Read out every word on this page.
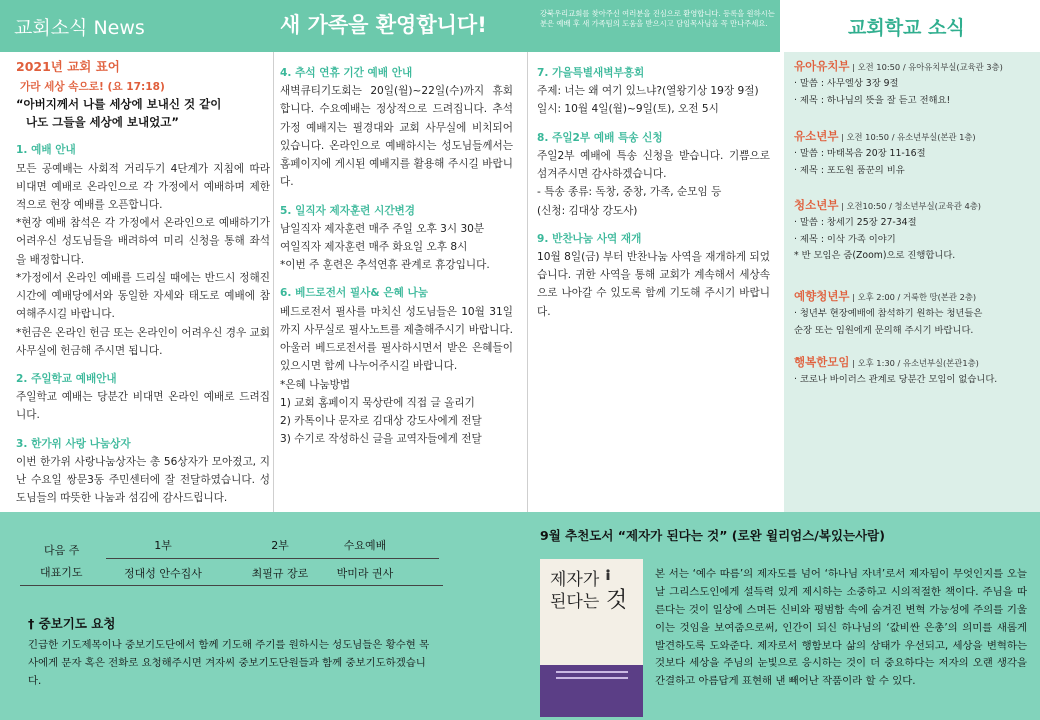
교회소식 News	새 가족을 환영합니다!	강북우리교회를 찾아주신 여러분을 진심으로 환영합니다. 등록을 원하시는 분은 예배 후 새 가족팀의 도움을 받으시고 담임목사님을 꼭 만나주세요.	교회학교 소식
2021년 교회 표어
가라 세상 속으로! (요 17:18)
“아버지께서 나를 세상에 보내신 것 같이
나도 그들을 세상에 보내었고”
1. 예배 안내
모든 공예배는 사회적 거리두기 4단계가 지침에 따라 비대면 예배로 온라인으로 각 가정에서 예배하며 제한적으로 현장 예배를 오픈합니다.
*현장 예배 참석은 각 가정에서 온라인으로 예배하기가 어려우신 성도님들을 배려하여 미리 신청을 통해 좌석을 배정합니다.
*가정에서 온라인 예배를 드리실 때에는 반드시 정해진 시간에 예배당에서와 동일한 자세와 태도로 예배에 참여해주시길 바랍니다.
*헌금은 온라인 헌금 또는 온라인이 어려우신 경우 교회 사무실에 헌금해 주시면 됩니다.
2. 주일학교 예배안내
주일학교 예배는 당분간 비대면 온라인 예배로 드려집니다.
3. 한가위 사랑 나눔상자
이번 한가위 사랑나눔상자는 총 56상자가 모아졌고, 지난 수요일 쌍문3동 주민센터에 잘 전달하였습니다. 성도님들의 따뜻한 나눔과 섬김에 감사드립니다.
4. 추석 연휴 기간 예배 안내
새벽큐티기도회는 20일(월)~22일(수)까지 휴회합니다. 수요예배는 정상적으로 드려집니다. 추석 가정 예배지는 필경대와 교회 사무실에 비치되어 있습니다. 온라인으로 예배하시는 성도님들께서는 홈페이지에 게시된 예배지를 활용해 주시길 바랍니다.
5. 일직자 제자훈련 시간변경
남일직자 제자훈련 매주 주일 오후 3시 30분
여일직자 제자훈련 매주 화요일 오후 8시
*이번 주 훈련은 추석연휴 관계로 휴강입니다.
6. 베드로전서 필사& 은혜 나눔
베드로전서 필사를 마치신 성도님들은 10월 31일까지 사무실로 필사노트를 제출해주시기 바랍니다. 아울러 베드로전서를 필사하시면서 받은 은혜들이 있으시면 함께 나누어주시길 바랍니다.
*은혜 나눔방법
1) 교회 홈페이지 묵상란에 직접 글 올리기
2) 카톡이나 문자로 김대상 강도사에게 전달
3) 수기로 작성하신 글을 교역자들에게 전달
7. 가을특별새벽부흥회
주제: 너는 왜 여기 있느냐?(열왕기상 19장 9절)
일시: 10월 4일(월)~9일(토), 오전 5시
8. 주일2부 예배 특송 신청
주일2부 예배에 특송 신청을 받습니다. 기쁨으로 섬겨주시면 감사하겠습니다.
- 특송 종류: 독창, 중창, 가족, 순모임 등
(신청: 김대상 강도사)
9. 반찬나눔 사역 재개
10월 8일(금) 부터 반찬나눔 사역을 재개하게 되었습니다. 귀한 사역을 통해 교회가 계속해서 세상속으로 나아갈 수 있도록 함께 기도해 주시기 바랍니다.
유아유치부 | 오전 10:50 / 유아유치부실(교육관 3층)
· 말씀 : 사무엘상 3장 9절
· 제목 : 하나님의 뜻을 잘 듣고 전해요!
유소년부 | 오전 10:50 / 유소년부실(본관 1층)
· 말씀 : 마태복음 20장 11-16절
· 제목 : 포도원 품꾼의 비유
청소년부 | 오전10:50 / 청소년부실(교육관 4층)
· 말씀 : 창세기 25장 27-34절
· 제목 : 이삭 가족 이야기
* 반 모임은 줌(Zoom)으로 진행합니다.
예향청년부 | 오후 2:00 / 거룩한 땅(본관 2층)
· 청년부 현장예배에 참석하기 원하는 청년들은
순장 또는 임원에게 문의해 주시기 바랍니다.
행복한모임 | 오후 1:30 / 유소년부실(본관1층)
· 코로나 바이러스 관계로 당분간 모임이 없습니다.
다음 주
대표기도
1부	2부	수요예배
정대성 안수집사	최필규 장로	박미라 권사
† 중보기도 요청
긴급한 기도제목이나 중보기도단에서 함께 기도해 주기를 원하시는 성도님들은 황수현 목사에게 문자 혹은 전화로 요청해주시면 겨자씨 중보기도단원들과 함께 중보기도하겠습니다.
9월 추천도서 “제자가 된다는 것” (로완 윌리엄스/복있는사람)
제자가
된다는 것
본 서는 ‘예수 따름’의 제자도를 넘어 ‘하나님 자녀’로서 제자됨이 무엇인지를 오늘날 그리스도인에게 설득력 있게 제시하는 소중하고 시의적절한 책이다. 주님을 따른다는 것이 일상에 스며든 신비와 평범함 속에 숨겨진 변혁 가능성에 주의를 기울이는 것임을 보여줌으로써, 인간이 되신 하나님의 ‘값비싼 은총’의 의미를 새롭게 발견하도록 도와준다. 제자로서 행함보다 삶의 상태가 우선되고, 세상을 변혁하는 것보다 세상을 주님의 눈빛으로 응시하는 것이 더 중요하다는 저자의 오랜 생각을 간결하고 아름답게 표현해 낸 빼어난 작품이라 할 수 있다.
